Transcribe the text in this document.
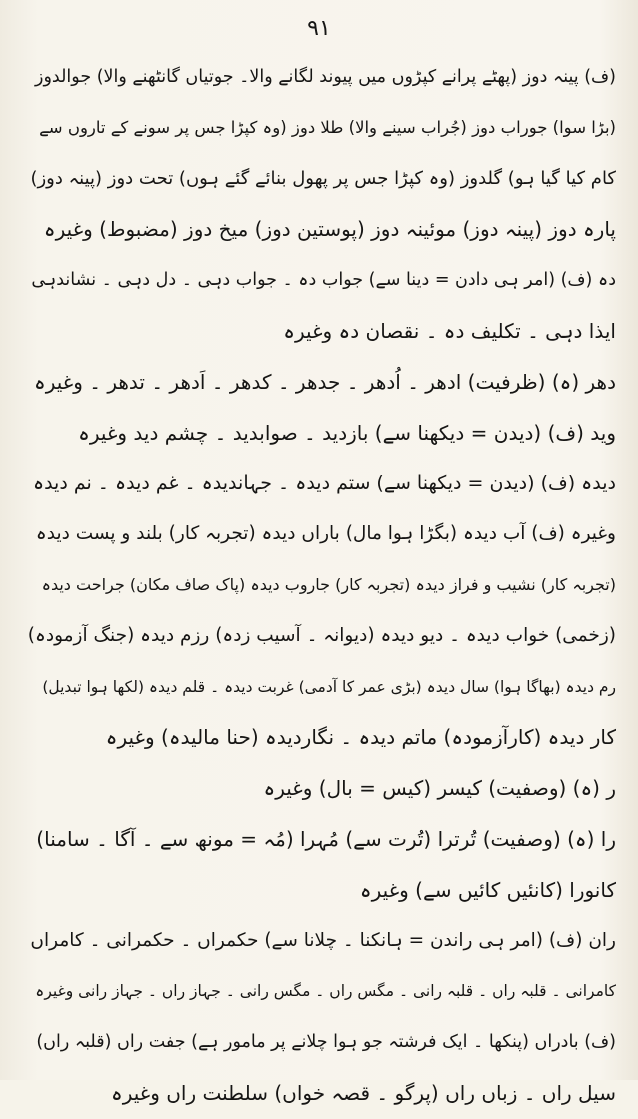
۹۱
(ف) پینہ دوز (پھٹے پرانے کپڑوں میں پیوند لگانے والا۔ جوتیاں گانٹھنے والا) جوالدوز
(بڑا سوا) جوراب دوز (جُراب سینے والا) طلا دوز (وہ کپڑا جس پر سونے کے تاروں سے
کام کیا گیا ہو) گلدوز (وہ کپڑا جس پر پھول بنائے گئے ہوں) تحت دوز (پینہ دوز)
پارہ دوز (پینہ دوز) موئینہ دوز (پوستین دوز) میخ دوز (مضبوط) وغیرہ
دہ (ف) (امر ہی دادن = دینا سے) جواب دہ ۔ جواب دہی ۔ دل دہی ۔ نشاندہی
ایذا دہی ۔ تکلیف دہ ۔ نقصان دہ وغیرہ
دھر (ہ) (ظرفیت) ادھر ۔ اُدھر ۔ جدھر ۔ کدھر ۔ اَدھر ۔ تدھر ۔ وغیرہ
وید (ف) (دیدن = دیکھنا سے) بازدید ۔ صوابدید ۔ چشم دید وغیرہ
دیدہ (ف) (دیدن = دیکھنا سے) ستم دیدہ ۔ جہاندیدہ ۔ غم دیدہ ۔ نم دیدہ
وغیرہ (ف) آب دیدہ (بگڑا ہوا مال) باراں دیدہ (تجربہ کار) بلند و پست دیدہ
(تجربہ کار) نشیب و فراز دیدہ (تجربہ کار) جاروب دیدہ (پاک صاف مکان) جراحت دیدہ
(زخمی) خواب دیدہ ۔ دیو دیدہ (دیوانہ ۔ آسیب زدہ) رزم دیدہ (جنگ آزمودہ)
رم دیدہ (بھاگا ہوا) سال دیدہ (بڑی عمر کا آدمی) غربت دیدہ ۔ قلم دیدہ (لکھا ہوا تبدیل)
کار دیدہ (کارآزمودہ) ماتم دیدہ ۔ نگاردیدہ (حنا مالیدہ) وغیرہ
ر (ہ) (وصفیت) کیسر (کیس = بال) وغیرہ
را (ہ) (وصفیت) تُرترا (تُرت سے) مُہرا (مُہ = مونھ سے ۔ آگا ۔ سامنا)
کانورا (کانئیں کائیں سے) وغیرہ
ران (ف) (امر ہی راندن = ہانکنا ۔ چلانا سے) حکمراں ۔ حکمرانی ۔ کامراں
کامرانی ۔ قلبہ راں ۔ قلبہ رانی ۔ مگس راں ۔ مگس رانی ۔ جہاز راں ۔ جہاز رانی وغیرہ
(ف) بادراں (پنکھا ۔ ایک فرشتہ جو ہوا چلانے پر مامور ہے) جفت راں (قلبہ راں)
سیل راں ۔ زباں راں (پرگو ۔ قصہ خواں) سلطنت راں وغیرہ
